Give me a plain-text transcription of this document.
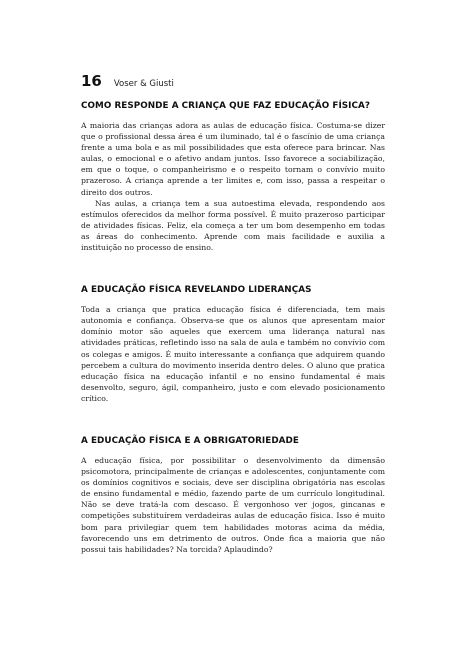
16 Voser & Giusti
COMO RESPONDE A CRIANÇA QUE FAZ EDUCAÇÃO FÍSICA?

A maioria das crianças adora as aulas de educação física. Costuma-se dizer que o profissional dessa área é um iluminado, tal é o fascínio de uma criança frente a uma bola e as mil possibilidades que esta oferece para brincar. Nas aulas, o emocional e o afetivo andam juntos. Isso favorece a sociabilização, em que o toque, o companheirismo e o respeito tornam o convívio muito prazeroso. A criança aprende a ter limites e, com isso, passa a respeitar o direito dos outros.

Nas aulas, a criança tem a sua autoestima elevada, respondendo aos estímulos oferecidos da melhor forma possível. É muito prazeroso participar de atividades físicas. Feliz, ela começa a ter um bom desempenho em todas as áreas do conhecimento. Aprende com mais facilidade e auxilia a instituição no processo de ensino.

A EDUCAÇÃO FÍSICA REVELANDO LIDERANÇAS

Toda a criança que pratica educação física é diferenciada, tem mais autonomia e confiança. Observa-se que os alunos que apresentam maior domínio motor são aqueles que exercem uma liderança natural nas atividades práticas, refletindo isso na sala de aula e também no convívio com os colegas e amigos. É muito interessante a confiança que adquirem quando percebem a cultura do movimento inserida dentro deles. O aluno que pratica educação física na educação infantil e no ensino fundamental é mais desenvolto, seguro, ágil, companheiro, justo e com elevado posicionamento crítico.

A EDUCAÇÃO FÍSICA E A OBRIGATORIEDADE

A educação física, por possibilitar o desenvolvimento da dimensão psicomotora, principalmente de crianças e adolescentes, conjuntamente com os domínios cognitivos e sociais, deve ser disciplina obrigatória nas escolas de ensino fundamental e médio, fazendo parte de um currículo longitudinal. Não se deve tratá-la com descaso. É vergonhoso ver jogos, gincanas e competições substituírem verdadeiras aulas de educação física. Isso é muito bom para privilegiar quem tem habilidades motoras acima da média, favorecendo uns em detrimento de outros. Onde fica a maioria que não possui tais habilidades? Na torcida? Aplaudindo?
